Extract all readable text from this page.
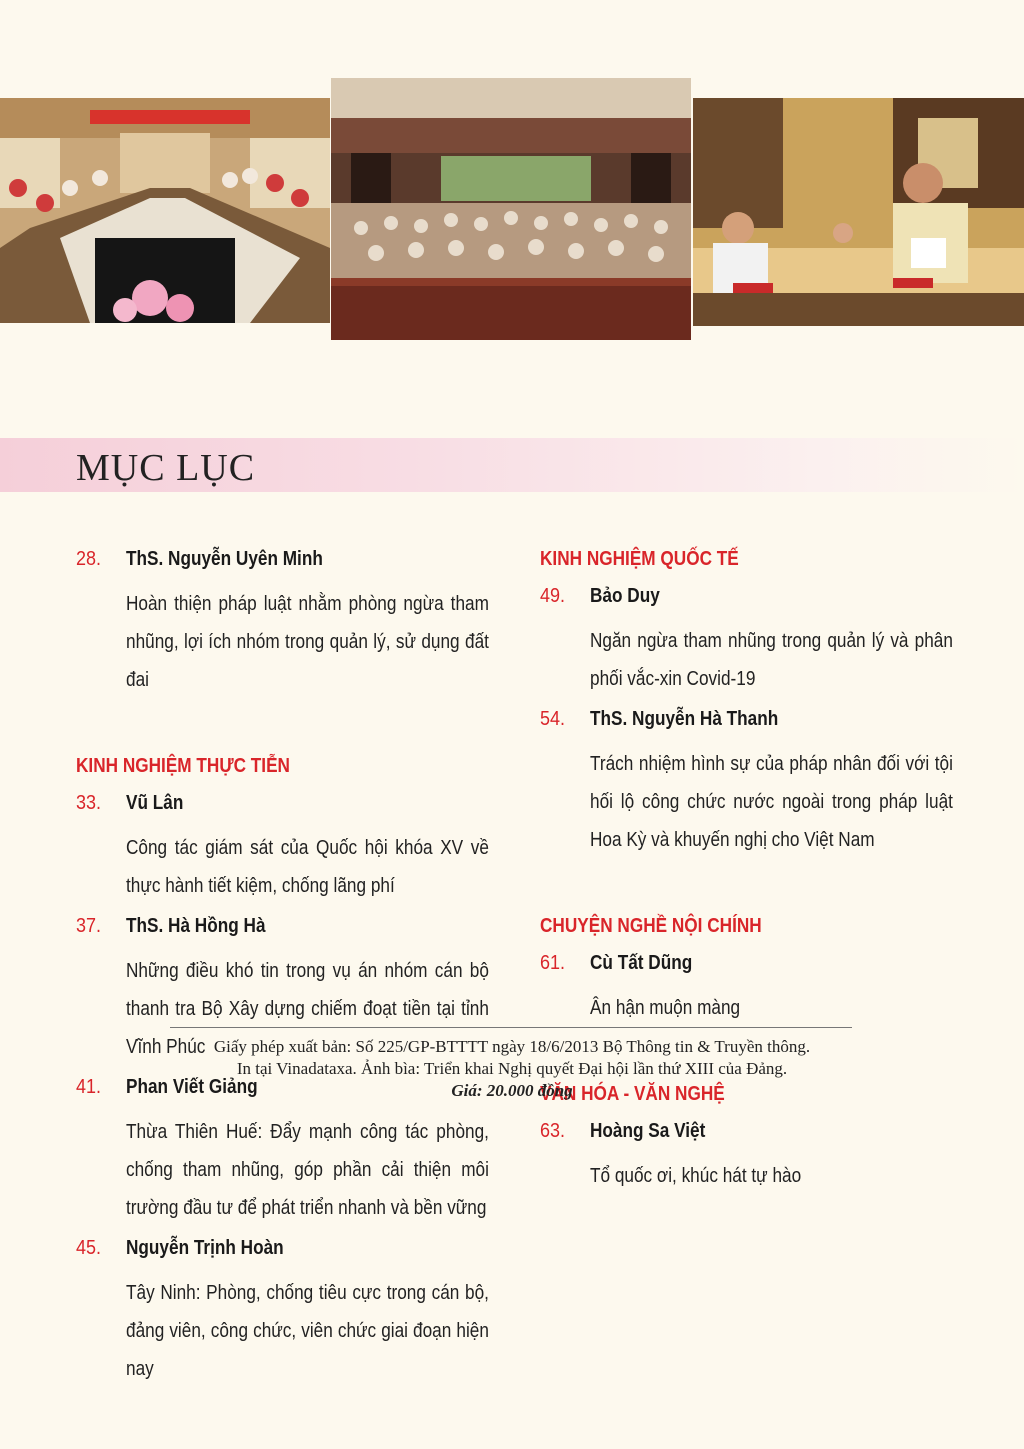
MỤC LỤC
28.	ThS. Nguyễn Uyên Minh
Hoàn thiện pháp luật nhằm phòng ngừa tham nhũng, lợi ích nhóm trong quản lý, sử dụng đất đai
KINH NGHIỆM THỰC TIỄN
33.	Vũ Lân
Công tác giám sát của Quốc hội khóa XV về thực hành tiết kiệm, chống lãng phí
37.	ThS. Hà Hồng Hà
Những điều khó tin trong vụ án nhóm cán bộ thanh tra Bộ Xây dựng chiếm đoạt tiền tại tỉnh Vĩnh Phúc
41.	Phan Viết Giảng
Thừa Thiên Huế: Đẩy mạnh công tác phòng, chống tham nhũng, góp phần cải thiện môi trường đầu tư để phát triển nhanh và bền vững
45.	Nguyễn Trịnh Hoàn
Tây Ninh: Phòng, chống tiêu cực trong cán bộ, đảng viên, công chức, viên chức giai đoạn hiện nay
KINH NGHIỆM QUỐC TẾ
49.	Bảo Duy
Ngăn ngừa tham nhũng trong quản lý và phân phối vắc-xin Covid-19
54.	ThS. Nguyễn Hà Thanh
Trách nhiệm hình sự của pháp nhân đối với tội hối lộ công chức nước ngoài trong pháp luật Hoa Kỳ và khuyến nghị cho Việt Nam
CHUYỆN NGHỀ NỘI CHÍNH
61.	Cù Tất Dũng
Ân hận muộn màng
VĂN HÓA - VĂN NGHỆ
63.	Hoàng Sa Việt
Tổ quốc ơi, khúc hát tự hào
Giấy phép xuất bản: Số 225/GP-BTTTT ngày 18/6/2013 Bộ Thông tin & Truyền thông.
In tại Vinadataxa. Ảnh bìa: Triển khai Nghị quyết Đại hội lần thứ XIII của Đảng.
Giá: 20.000 đồng
